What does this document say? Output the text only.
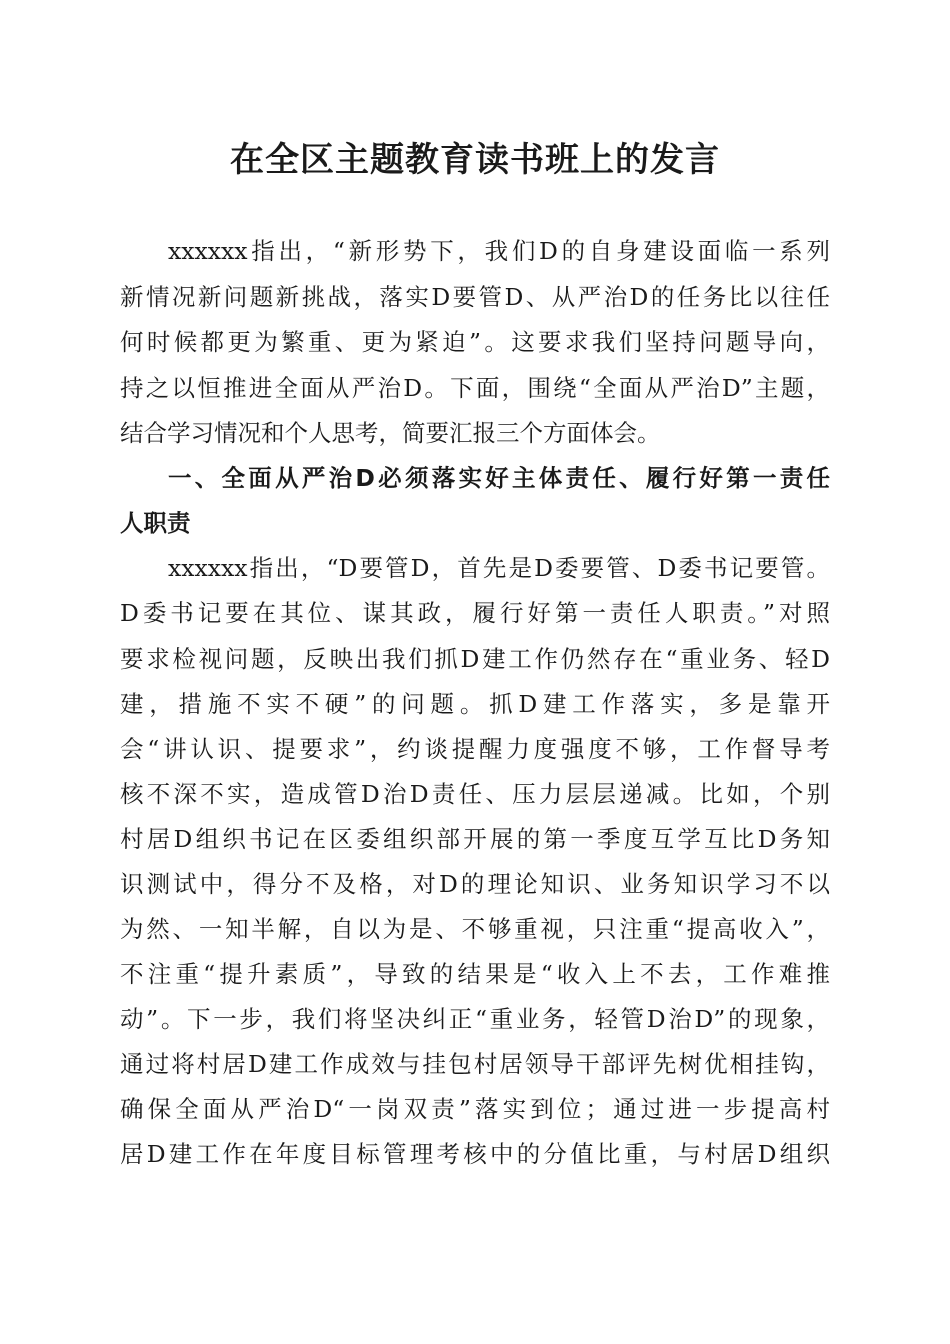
在全区主题教育读书班上的发言

xxxxxx指出，“新形势下，我们D的自身建设面临一系列

新情况新问题新挑战，落实D要管D、从严治D的任务比以往任

何时候都更为繁重、更为紧迫”。这要求我们坚持问题导向，

持之以恒推进全面从严治D。下面，围绕“全面从严治D”主题，

结合学习情况和个人思考，简要汇报三个方面体会。

一、全面从严治D必须落实好主体责任、履行好第一责任

人职责

xxxxxx指出，“D要管D，首先是D委要管、D委书记要管。

D委书记要在其位、谋其政，履行好第一责任人职责。”对照

要求检视问题，反映出我们抓D建工作仍然存在“重业务、轻D

建，措施不实不硬”的问题。抓D建工作落实，多是靠开

会“讲认识、提要求”，约谈提醒力度强度不够，工作督导考

核不深不实，造成管D治D责任、压力层层递减。比如，个别

村居D组织书记在区委组织部开展的第一季度互学互比D务知

识测试中，得分不及格，对D的理论知识、业务知识学习不以

为然、一知半解，自以为是、不够重视，只注重“提高收入”，

不注重“提升素质”，导致的结果是“收入上不去，工作难推

动”。下一步，我们将坚决纠正“重业务，轻管D治D”的现象，

通过将村居D建工作成效与挂包村居领导干部评先树优相挂钩，

确保全面从严治D“一岗双责”落实到位；通过进一步提高村

居D建工作在年度目标管理考核中的分值比重，与村居D组织
